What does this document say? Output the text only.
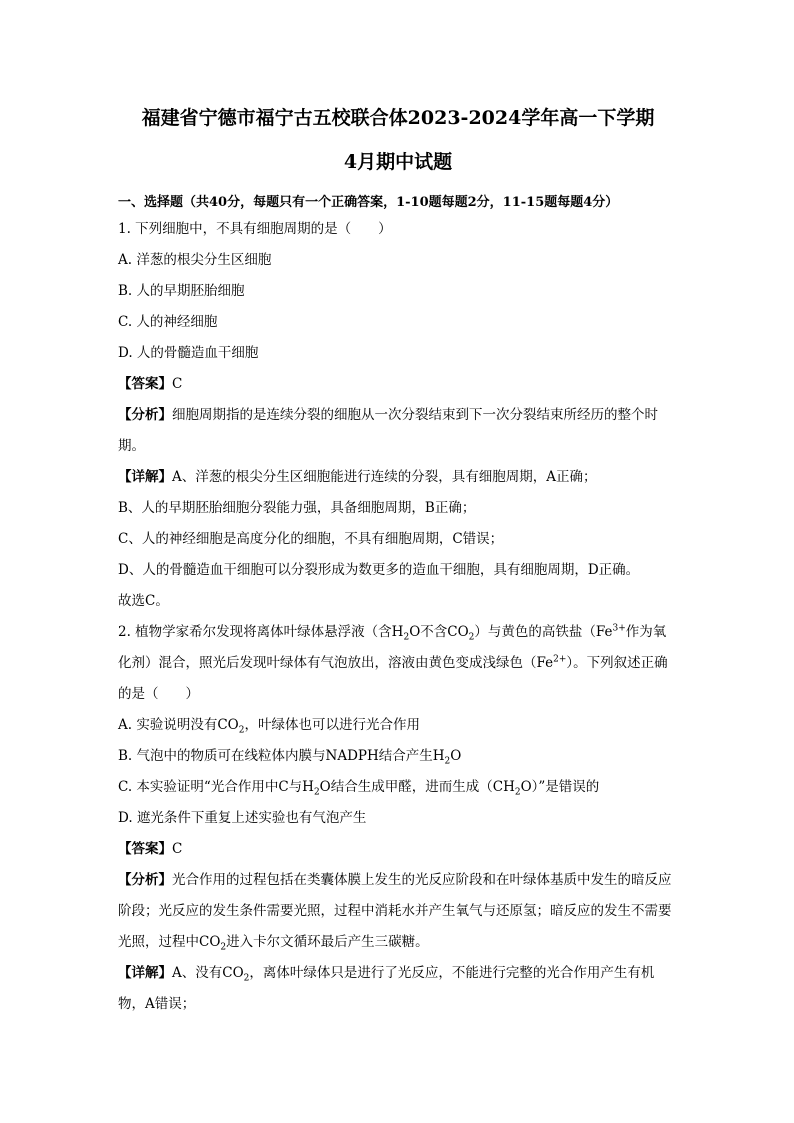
福建省宁德市福宁古五校联合体2023-2024学年高一下学期
4月期中试题
一、选择题（共40分，每题只有一个正确答案，1-10题每题2分，11-15题每题4分）
1. 下列细胞中，不具有细胞周期的是（　　）
A. 洋葱的根尖分生区细胞
B. 人的早期胚胎细胞
C. 人的神经细胞
D. 人的骨髓造血干细胞
【答案】C
【分析】细胞周期指的是连续分裂的细胞从一次分裂结束到下一次分裂结束所经历的整个时期。
【详解】A、洋葱的根尖分生区细胞能进行连续的分裂，具有细胞周期，A正确；
B、人的早期胚胎细胞分裂能力强，具备细胞周期，B正确；
C、人的神经细胞是高度分化的细胞，不具有细胞周期，C错误；
D、人的骨髓造血干细胞可以分裂形成为数更多的造血干细胞，具有细胞周期，D正确。
故选C。
2. 植物学家希尔发现将离体叶绿体悬浮液（含$H_2O$不含$CO_2$）与黄色的高铁盐（$Fe^{3+}$作为氧化剂）混合，照光后发现叶绿体有气泡放出，溶液由黄色变成浅绿色$(Fe^{2+})$。下列叙述正确的是（　　）
A. 实验说明没有$CO_2$，叶绿体也可以进行光合作用
B. 气泡中的物质可在线粒体内膜与NADPH结合产生$H_2O$
C. 本实验证明“光合作用中C与$H_2O$结合生成甲醛，进而生成$(CH_2O)$”是错误的
D. 遮光条件下重复上述实验也有气泡产生
【答案】C
【分析】光合作用的过程包括在类囊体膜上发生的光反应阶段和在叶绿体基质中发生的暗反应阶段；光反应的发生条件需要光照，过程中消耗水并产生氧气与还原氢；暗反应的发生不需要光照，过程中$CO_2$进入卡尔文循环最后产生三碳糖。
【详解】A、没有$CO_2$，离体叶绿体只是进行了光反应，不能进行完整的光合作用产生有机物，A错误；
